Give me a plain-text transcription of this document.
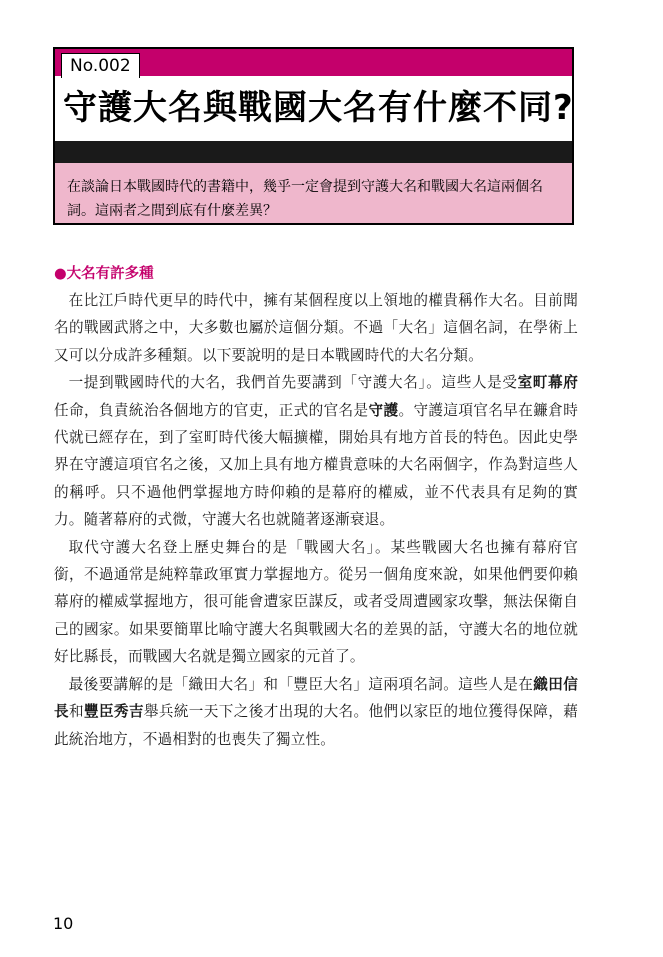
No.002
守護大名與戰國大名有什麼不同?
在談論日本戰國時代的書籍中，幾乎一定會提到守護大名和戰國大名這兩個名詞。這兩者之間到底有什麼差異？
●大名有許多種

在比江戶時代更早的時代中，擁有某個程度以上領地的權貴稱作大名。目前聞名的戰國武將之中，大多數也屬於這個分類。不過「大名」這個名詞，在學術上又可以分成許多種類。以下要說明的是日本戰國時代的大名分類。

一提到戰國時代的大名，我們首先要講到「守護大名」。這些人是受室町幕府任命，負責統治各個地方的官吏，正式的官名是守護。守護這項官名早在鐮倉時代就已經存在，到了室町時代後大幅擴權，開始具有地方首長的特色。因此史學界在守護這項官名之後，又加上具有地方權貴意味的大名兩個字，作為對這些人的稱呼。只不過他們掌握地方時仰賴的是幕府的權威，並不代表具有足夠的實力。隨著幕府的式微，守護大名也就隨著逐漸衰退。

取代守護大名登上歷史舞台的是「戰國大名」。某些戰國大名也擁有幕府官銜，不過通常是純粹靠政軍實力掌握地方。從另一個角度來說，如果他們要仰賴幕府的權威掌握地方，很可能會遭家臣謀反，或者受周遭國家攻擊，無法保衛自己的國家。如果要簡單比喻守護大名與戰國大名的差異的話，守護大名的地位就好比縣長，而戰國大名就是獨立國家的元首了。

最後要講解的是「織田大名」和「豐臣大名」這兩項名詞。這些人是在織田信長和豐臣秀吉舉兵統一天下之後才出現的大名。他們以家臣的地位獲得保障，藉此統治地方，不過相對的也喪失了獨立性。

10
